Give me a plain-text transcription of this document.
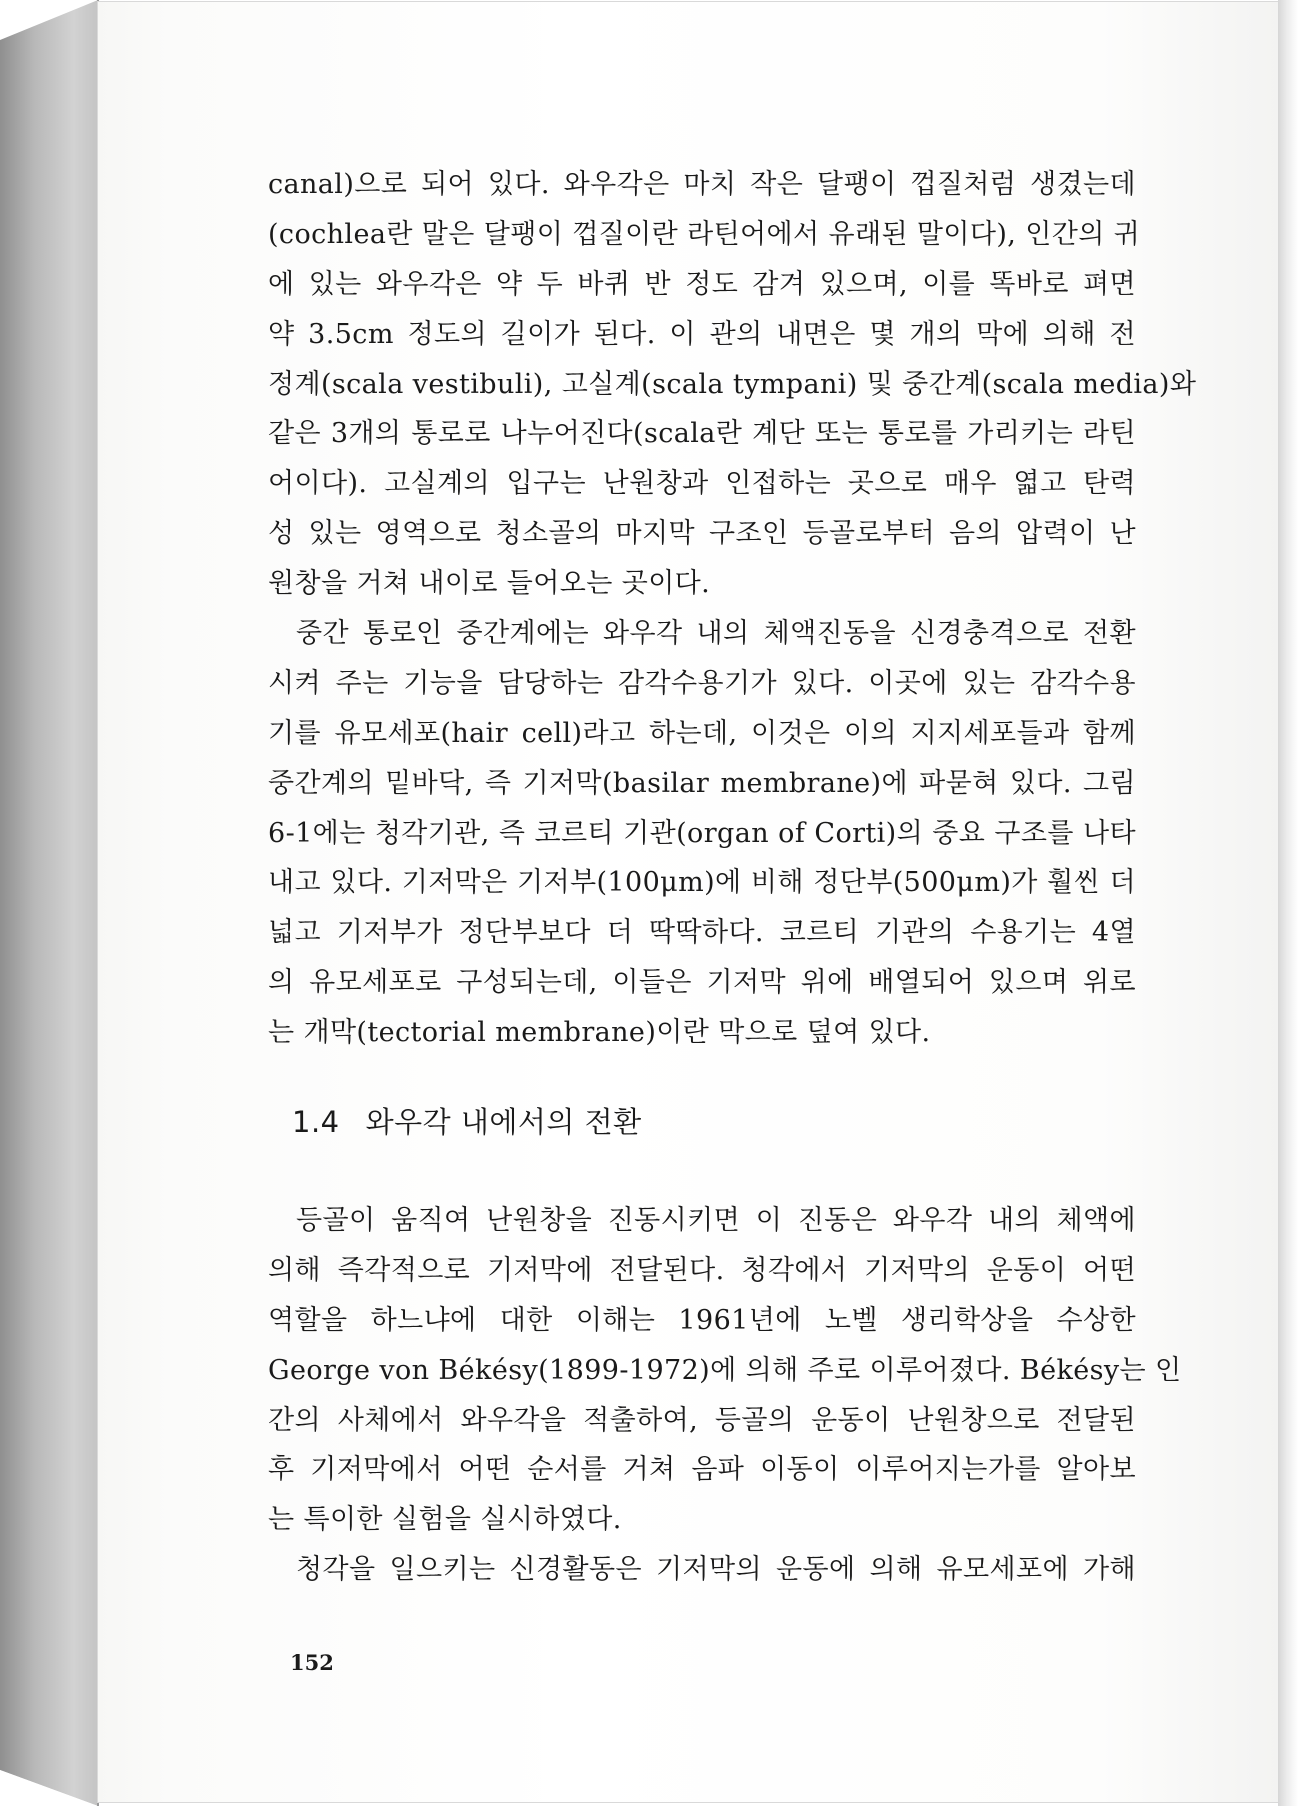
canal)으로 되어 있다. 와우각은 마치 작은 달팽이 껍질처럼 생겼는데
(cochlea란 말은 달팽이 껍질이란 라틴어에서 유래된 말이다), 인간의 귀
에 있는 와우각은 약 두 바퀴 반 정도 감겨 있으며, 이를 똑바로 펴면
약 3.5cm 정도의 길이가 된다. 이 관의 내면은 몇 개의 막에 의해 전
정계(scala vestibuli), 고실계(scala tympani) 및 중간계(scala media)와
같은 3개의 통로로 나누어진다(scala란 계단 또는 통로를 가리키는 라틴
어이다). 고실계의 입구는 난원창과 인접하는 곳으로 매우 엷고 탄력
성 있는 영역으로 청소골의 마지막 구조인 등골로부터 음의 압력이 난
원창을 거쳐 내이로 들어오는 곳이다.
중간 통로인 중간계에는 와우각 내의 체액진동을 신경충격으로 전환
시켜 주는 기능을 담당하는 감각수용기가 있다. 이곳에 있는 감각수용
기를 유모세포(hair cell)라고 하는데, 이것은 이의 지지세포들과 함께
중간계의 밑바닥, 즉 기저막(basilar membrane)에 파묻혀 있다. 그림
6-1에는 청각기관, 즉 코르티 기관(organ of Corti)의 중요 구조를 나타
내고 있다. 기저막은 기저부(100μm)에 비해 정단부(500μm)가 훨씬 더
넓고 기저부가 정단부보다 더 딱딱하다. 코르티 기관의 수용기는 4열
의 유모세포로 구성되는데, 이들은 기저막 위에 배열되어 있으며 위로
는 개막(tectorial membrane)이란 막으로 덮여 있다.
1.4 와우각 내에서의 전환
등골이 움직여 난원창을 진동시키면 이 진동은 와우각 내의 체액에
의해 즉각적으로 기저막에 전달된다. 청각에서 기저막의 운동이 어떤
역할을 하느냐에 대한 이해는 1961년에 노벨 생리학상을 수상한
George von Békésy(1899-1972)에 의해 주로 이루어졌다. Békésy는 인
간의 사체에서 와우각을 적출하여, 등골의 운동이 난원창으로 전달된
후 기저막에서 어떤 순서를 거쳐 음파 이동이 이루어지는가를 알아보
는 특이한 실험을 실시하였다.
청각을 일으키는 신경활동은 기저막의 운동에 의해 유모세포에 가해
152
